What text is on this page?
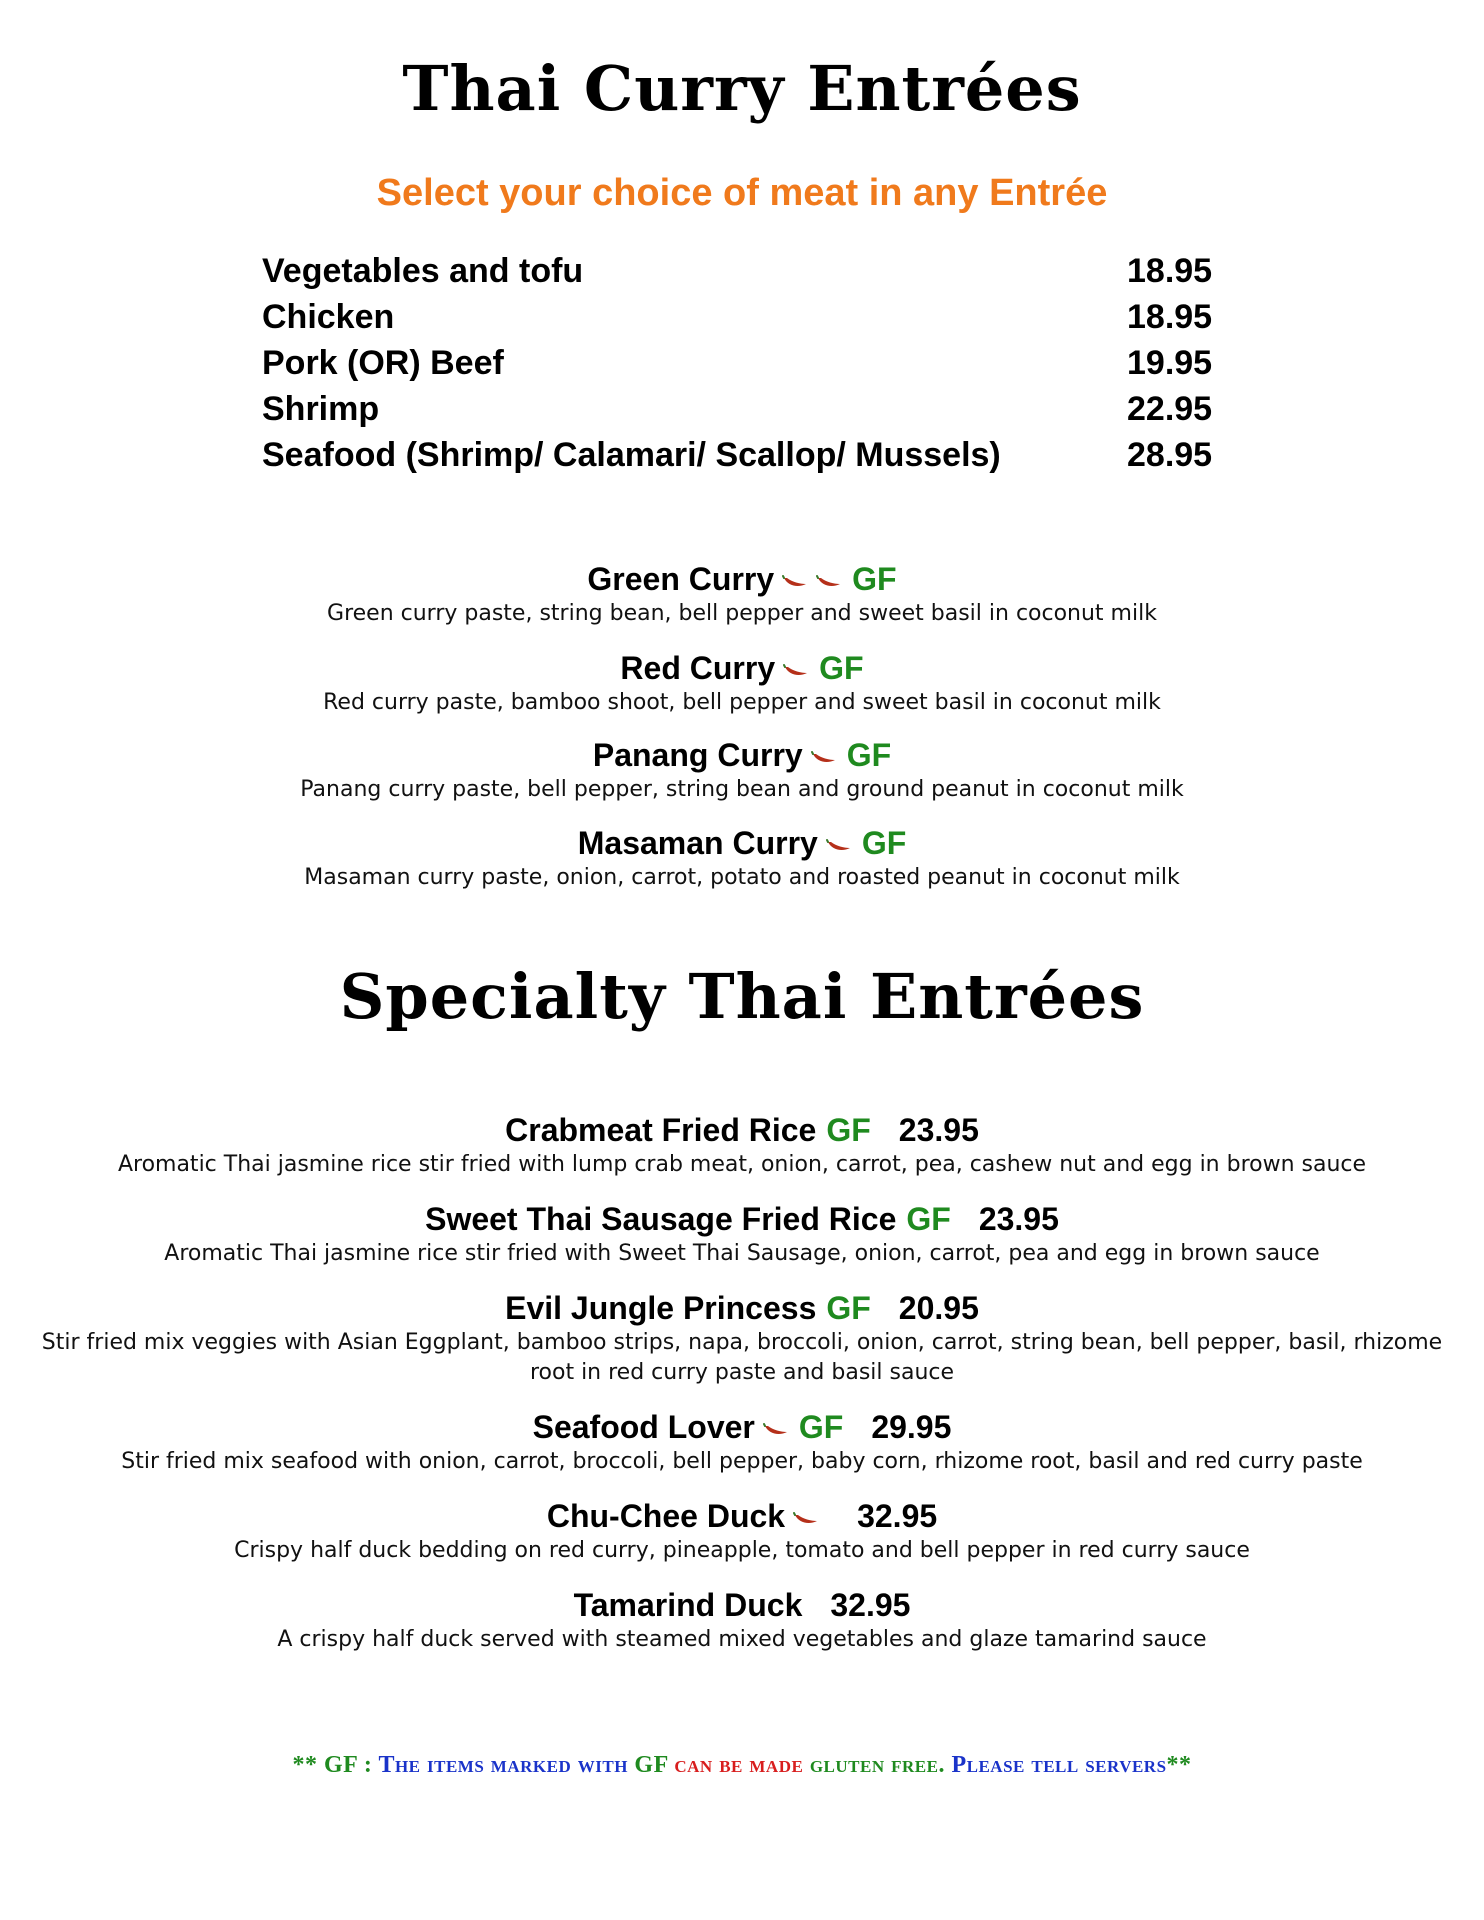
Thai Curry Entrées
Select your choice of meat in any Entrée
Vegetables and tofu	18.95
Chicken	18.95
Pork (OR) Beef	19.95
Shrimp	22.95
Seafood (Shrimp/ Calamari/ Scallop/ Mussels)	28.95
Green Curry GF
Green curry paste, string bean, bell pepper and sweet basil in coconut milk
Red Curry GF
Red curry paste, bamboo shoot, bell pepper and sweet basil in coconut milk
Panang Curry GF
Panang curry paste, bell pepper, string bean and ground peanut in coconut milk
Masaman Curry GF
Masaman curry paste, onion, carrot, potato and roasted peanut in coconut milk
Specialty Thai Entrées
Crabmeat Fried Rice GF 23.95
Aromatic Thai jasmine rice stir fried with lump crab meat, onion, carrot, pea, cashew nut and egg in brown sauce
Sweet Thai Sausage Fried Rice GF 23.95
Aromatic Thai jasmine rice stir fried with Sweet Thai Sausage, onion, carrot, pea and egg in brown sauce
Evil Jungle Princess GF 20.95
Stir fried mix veggies with Asian Eggplant, bamboo strips, napa, broccoli, onion, carrot, string bean, bell pepper, basil, rhizome root in red curry paste and basil sauce
Seafood Lover GF 29.95
Stir fried mix seafood with onion, carrot, broccoli, bell pepper, baby corn, rhizome root, basil and red curry paste
Chu-Chee Duck 32.95
Crispy half duck bedding on red curry, pineapple, tomato and bell pepper in red curry sauce
Tamarind Duck 32.95
A crispy half duck served with steamed mixed vegetables and glaze tamarind sauce
** GF : The items marked with GF can be made gluten free. Please tell servers**
